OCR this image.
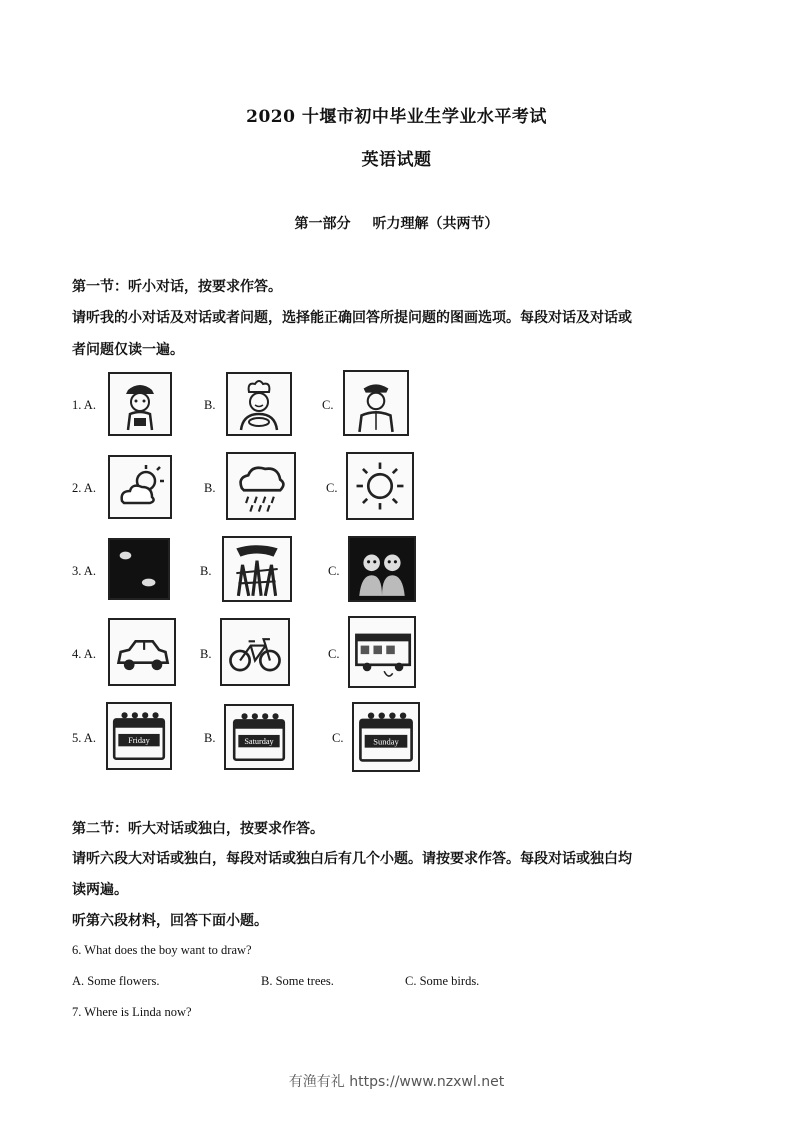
2020 十堰市初中毕业生学业水平考试
英语试题
第一部分 听力理解（共两节）
第一节：听小对话，按要求作答。
请听我的小对话及对话或者问题，选择能正确回答所提问题的图画选项。每段对话及对话或
者问题仅读一遍。
1. A.	B.	C.
2. A.	B.	C.
3. A.	B.	C.
4. A.	B.	C.
5. A.	Friday	B.	Saturday	C.	Sunday
第二节：听大对话或独白，按要求作答。
请听六段大对话或独白，每段对话或独白后有几个小题。请按要求作答。每段对话或独白均
读两遍。
听第六段材料，回答下面小题。
6. What does the boy want to draw?
A. Some flowers.	B. Some trees.	C. Some birds.
7. Where is Linda now?
有渔有礼 https://www.nzxwl.net
